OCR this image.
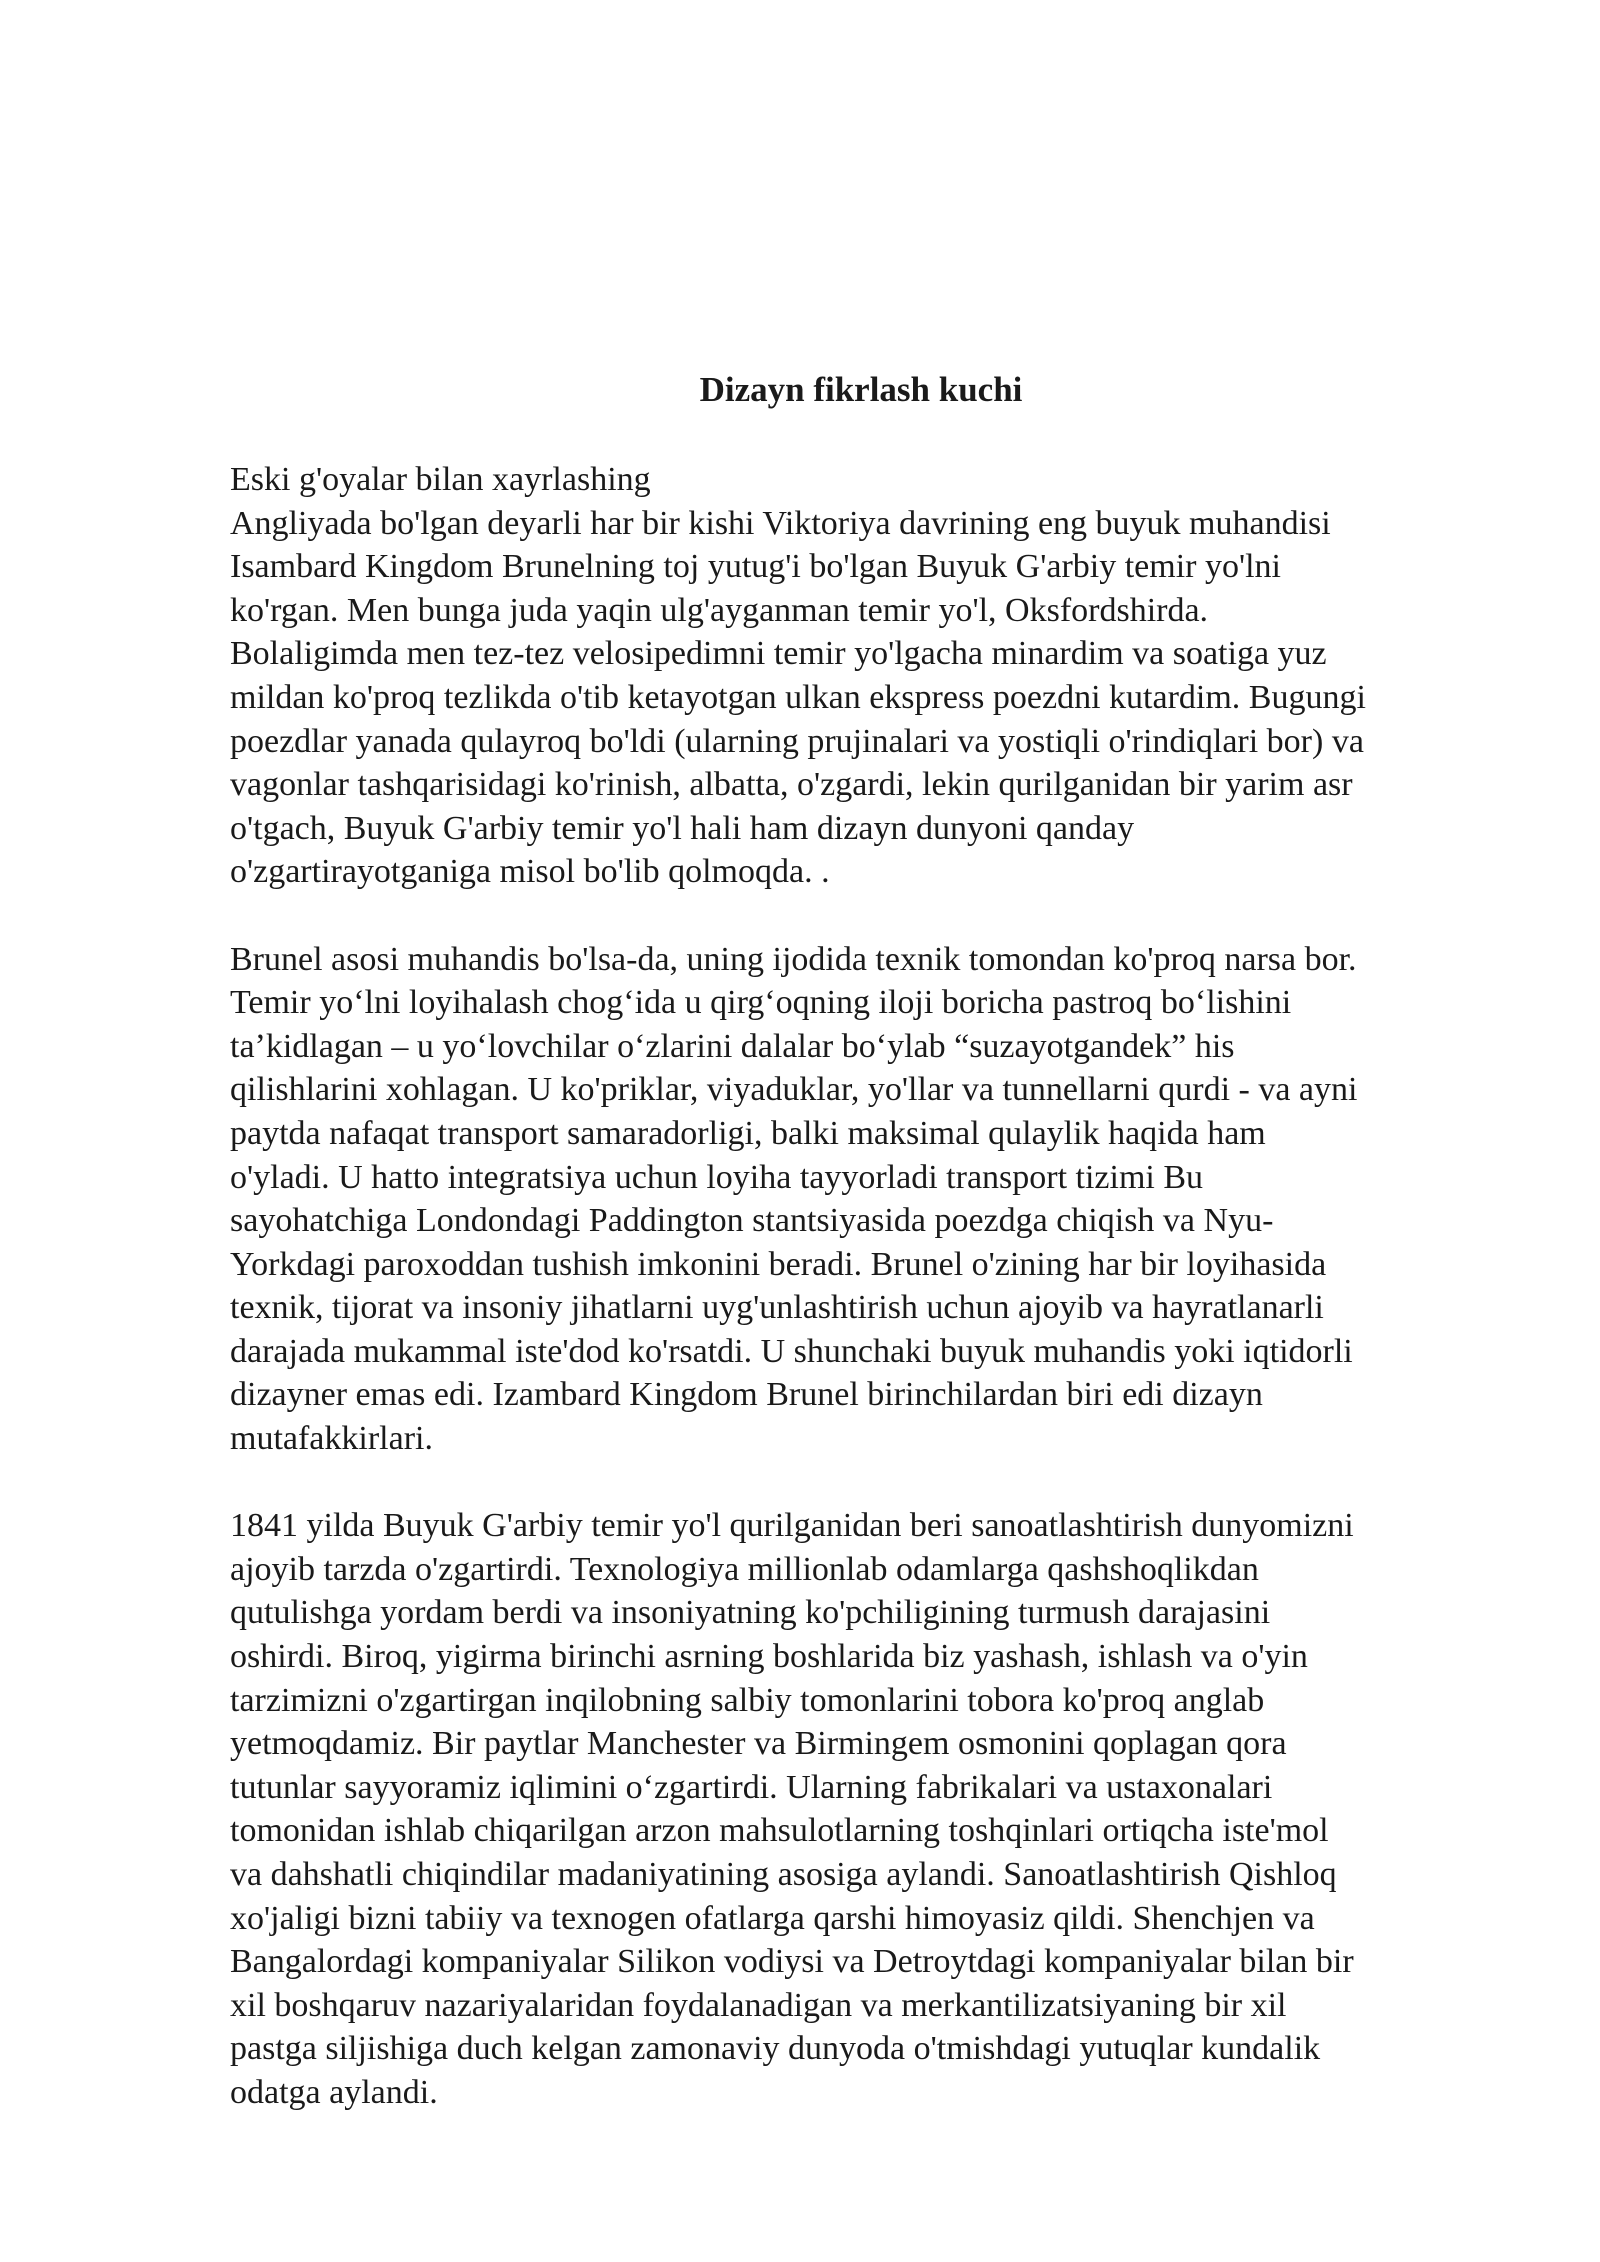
Dizayn fikrlash kuchi
Eski g'oyalar bilan xayrlashing
Angliyada bo'lgan deyarli har bir kishi Viktoriya davrining eng buyuk muhandisi
Isambard Kingdom Brunelning toj yutug'i bo'lgan Buyuk G'arbiy temir yo'lni
ko'rgan. Men bunga juda yaqin ulg'ayganman temir yo'l, Oksfordshirda.
Bolaligimda men tez-tez velosipedimni temir yo'lgacha minardim va soatiga yuz
mildan ko'proq tezlikda o'tib ketayotgan ulkan ekspress poezdni kutardim. Bugungi
poezdlar yanada qulayroq bo'ldi (ularning prujinalari va yostiqli o'rindiqlari bor) va
vagonlar tashqarisidagi ko'rinish, albatta, o'zgardi, lekin qurilganidan bir yarim asr
o'tgach, Buyuk G'arbiy temir yo'l hali ham dizayn dunyoni qanday
o'zgartirayotganiga misol bo'lib qolmoqda. .
Brunel asosi muhandis bo'lsa-da, uning ijodida texnik tomondan ko'proq narsa bor.
Temir yoʻlni loyihalash chogʻida u qirgʻoqning iloji boricha pastroq boʻlishini
taʼkidlagan – u yoʻlovchilar oʻzlarini dalalar boʻylab “suzayotgandek” his
qilishlarini xohlagan. U ko'priklar, viyaduklar, yo'llar va tunnellarni qurdi - va ayni
paytda nafaqat transport samaradorligi, balki maksimal qulaylik haqida ham
o'yladi. U hatto integratsiya uchun loyiha tayyorladi transport tizimi Bu
sayohatchiga Londondagi Paddington stantsiyasida poezdga chiqish va Nyu-
Yorkdagi paroxoddan tushish imkonini beradi. Brunel o'zining har bir loyihasida
texnik, tijorat va insoniy jihatlarni uyg'unlashtirish uchun ajoyib va hayratlanarli
darajada mukammal iste'dod ko'rsatdi. U shunchaki buyuk muhandis yoki iqtidorli
dizayner emas edi. Izambard Kingdom Brunel birinchilardan biri edi dizayn
mutafakkirlari.
1841 yilda Buyuk G'arbiy temir yo'l qurilganidan beri sanoatlashtirish dunyomizni
ajoyib tarzda o'zgartirdi. Texnologiya millionlab odamlarga qashshoqlikdan
qutulishga yordam berdi va insoniyatning ko'pchiligining turmush darajasini
oshirdi. Biroq, yigirma birinchi asrning boshlarida biz yashash, ishlash va o'yin
tarzimizni o'zgartirgan inqilobning salbiy tomonlarini tobora ko'proq anglab
yetmoqdamiz. Bir paytlar Manchester va Birmingem osmonini qoplagan qora
tutunlar sayyoramiz iqlimini oʻzgartirdi. Ularning fabrikalari va ustaxonalari
tomonidan ishlab chiqarilgan arzon mahsulotlarning toshqinlari ortiqcha iste'mol
va dahshatli chiqindilar madaniyatining asosiga aylandi. Sanoatlashtirish Qishloq
xo'jaligi bizni tabiiy va texnogen ofatlarga qarshi himoyasiz qildi. Shenchjen va
Bangalordagi kompaniyalar Silikon vodiysi va Detroytdagi kompaniyalar bilan bir
xil boshqaruv nazariyalaridan foydalanadigan va merkantilizatsiyaning bir xil
pastga siljishiga duch kelgan zamonaviy dunyoda o'tmishdagi yutuqlar kundalik
odatga aylandi.
